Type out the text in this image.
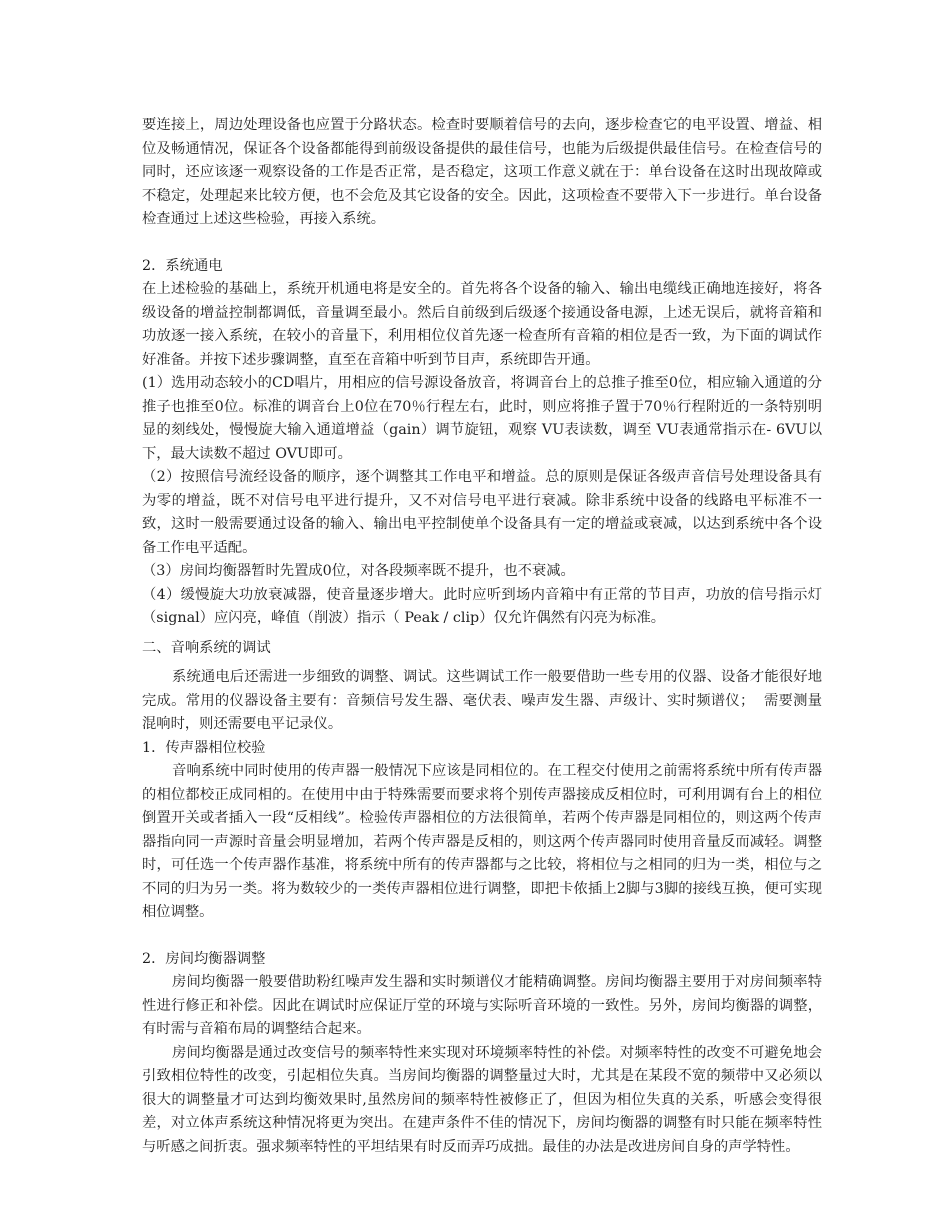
要连接上，周边处理设备也应置于分路状态。检查时要顺着信号的去向，逐步检查它的电平设置、增益、相位及畅通情况，保证各个设备都能得到前级设备提供的最佳信号，也能为后级提供最佳信号。在检查信号的同时，还应该逐一观察设备的工作是否正常，是否稳定，这项工作意义就在于：单台设备在这时出现故障或不稳定，处理起来比较方便，也不会危及其它设备的安全。因此，这项检查不要带入下一步进行。单台设备检查通过上述这些检验，再接入系统。

2．系统通电

在上述检验的基础上，系统开机通电将是安全的。首先将各个设备的输入、输出电缆线正确地连接好，将各级设备的增益控制都调低，音量调至最小。然后自前级到后级逐个接通设备电源，上述无误后，就将音箱和功放逐一接入系统，在较小的音量下，利用相位仪首先逐一检查所有音箱的相位是否一致，为下面的调试作好准备。并按下述步骤调整，直至在音箱中听到节目声，系统即告开通。

(1）选用动态较小的CD唱片，用相应的信号源设备放音，将调音台上的总推子推至0位，相应输入通道的分推子也推至0位。标准的调音台上0位在70％行程左右，此时，则应将推子置于70％行程附近的一条特别明显的刻线处，慢慢旋大输入通道增益（gain）调节旋钮，观察 VU表读数，调至 VU表通常指示在- 6VU以下，最大读数不超过 OVU即可。

（2）按照信号流经设备的顺序，逐个调整其工作电平和增益。总的原则是保证各级声音信号处理设备具有为零的增益，既不对信号电平进行提升，又不对信号电平进行衰减。除非系统中设备的线路电平标准不一致，这时一般需要通过设备的输入、输出电平控制使单个设备具有一定的增益或衰减，以达到系统中各个设备工作电平适配。

（3）房间均衡器暂时先置成0位，对各段频率既不提升，也不衰减。

（4）缓慢旋大功放衰减器，使音量逐步增大。此时应听到场内音箱中有正常的节目声，功放的信号指示灯（signal）应闪亮，峰值（削波）指示（ Peak / clip）仅允许偶然有闪亮为标准。

二、音响系统的调试

系统通电后还需进一步细致的调整、调试。这些调试工作一般要借助一些专用的仪器、设备才能很好地完成。常用的仪器设备主要有：音频信号发生器、毫伏表、噪声发生器、声级计、实时频谱仪；  需要测量混响时，则还需要电平记录仪。

1．传声器相位校验

音响系统中同时使用的传声器一般情况下应该是同相位的。在工程交付使用之前需将系统中所有传声器的相位都校正成同相的。在使用中由于特殊需要而要求将个别传声器接成反相位时，可利用调有台上的相位倒置开关或者插入一段“反相线”。检验传声器相位的方法很简单，若两个传声器是同相位的，则这两个传声器指向同一声源时音量会明显增加，若两个传声器是反相的，则这两个传声器同时使用音量反而减轻。调整时，可任选一个传声器作基准，将系统中所有的传声器都与之比较，将相位与之相同的归为一类，相位与之不同的归为另一类。将为数较少的一类传声器相位进行调整，即把卡侬插上2脚与3脚的接线互换，便可实现相位调整。

2．房间均衡器调整

房间均衡器一般要借助粉红噪声发生器和实时频谱仪才能精确调整。房间均衡器主要用于对房间频率特性进行修正和补偿。因此在调试时应保证厅堂的环境与实际听音环境的一致性。另外，房间均衡器的调整，有时需与音箱布局的调整结合起来。

房间均衡器是通过改变信号的频率特性来实现对环境频率特性的补偿。对频率特性的改变不可避免地会引致相位特性的改变，引起相位失真。当房间均衡器的调整量过大时，尤其是在某段不宽的频带中又必须以很大的调整量才可达到均衡效果时,虽然房间的频率特性被修正了，但因为相位失真的关系，听感会变得很差，对立体声系统这种情况将更为突出。在建声条件不佳的情况下，房间均衡器的调整有时只能在频率特性与听感之间折衷。强求频率特性的平坦结果有时反而弄巧成拙。最佳的办法是改进房间自身的声学特性。
